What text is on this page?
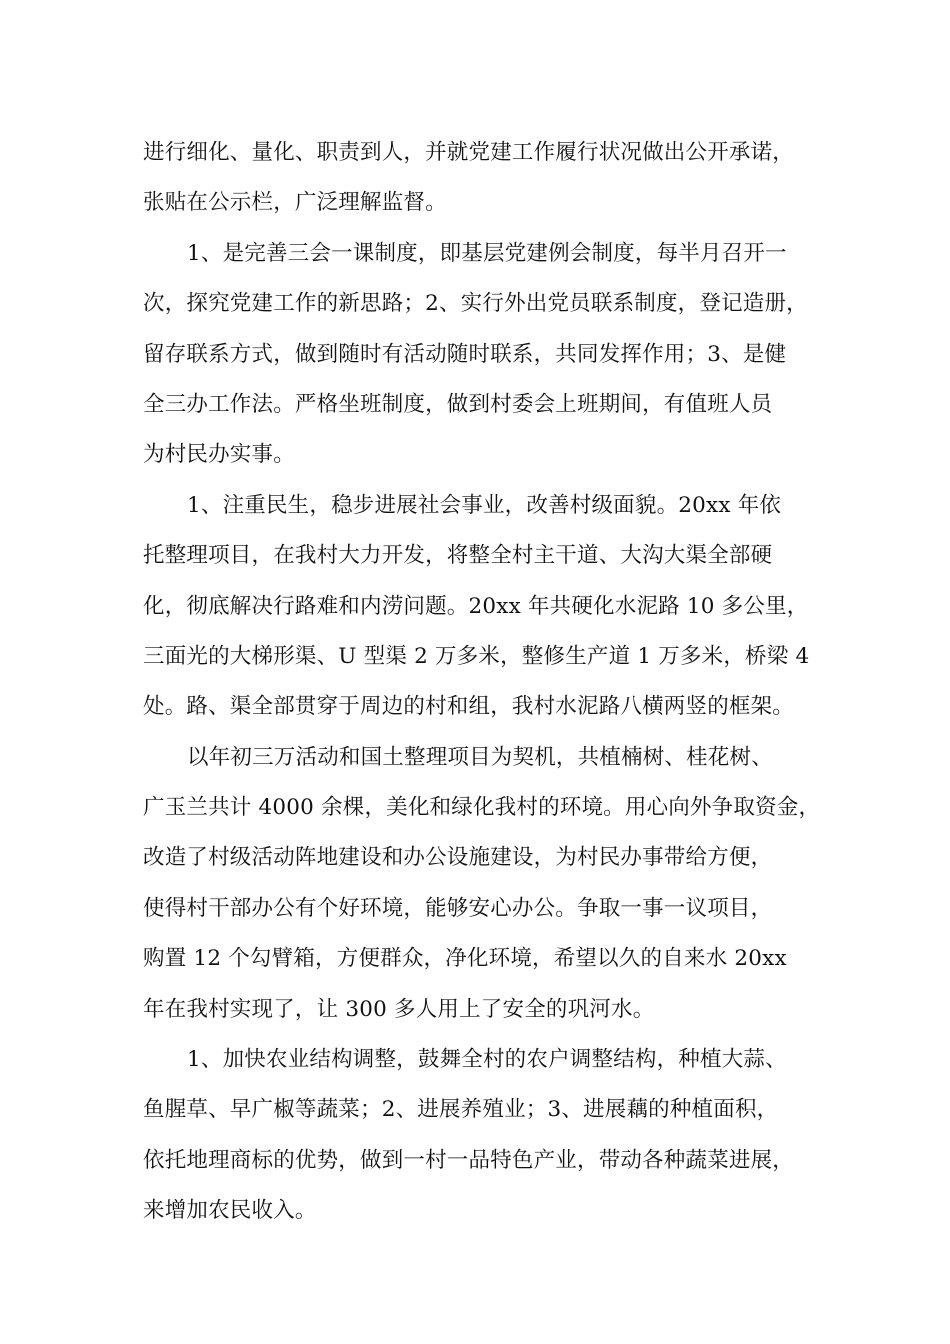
进行细化、量化、职责到人，并就党建工作履行状况做出公开承诺，
张贴在公示栏，广泛理解监督。

1、是完善三会一课制度，即基层党建例会制度，每半月召开一
次，探究党建工作的新思路；2、实行外出党员联系制度，登记造册，
留存联系方式，做到随时有活动随时联系，共同发挥作用；3、是健
全三办工作法。严格坐班制度，做到村委会上班期间，有值班人员
为村民办实事。

1、注重民生，稳步进展社会事业，改善村级面貌。20xx 年依
托整理项目，在我村大力开发，将整全村主干道、大沟大渠全部硬
化，彻底解决行路难和内涝问题。20xx 年共硬化水泥路 10 多公里，
三面光的大梯形渠、U 型渠 2 万多米，整修生产道 1 万多米，桥梁 4
处。路、渠全部贯穿于周边的村和组，我村水泥路八横两竖的框架。

以年初三万活动和国土整理项目为契机，共植楠树、桂花树、
广玉兰共计 4000 余棵，美化和绿化我村的环境。用心向外争取资金，
改造了村级活动阵地建设和办公设施建设，为村民办事带给方便，
使得村干部办公有个好环境，能够安心办公。争取一事一议项目，
购置 12 个勾臂箱，方便群众，净化环境，希望以久的自来水 20xx
年在我村实现了，让 300 多人用上了安全的巩河水。

1、加快农业结构调整，鼓舞全村的农户调整结构，种植大蒜、
鱼腥草、早广椒等蔬菜；2、进展养殖业；3、进展藕的种植面积，
依托地理商标的优势，做到一村一品特色产业，带动各种蔬菜进展，
来增加农民收入。
